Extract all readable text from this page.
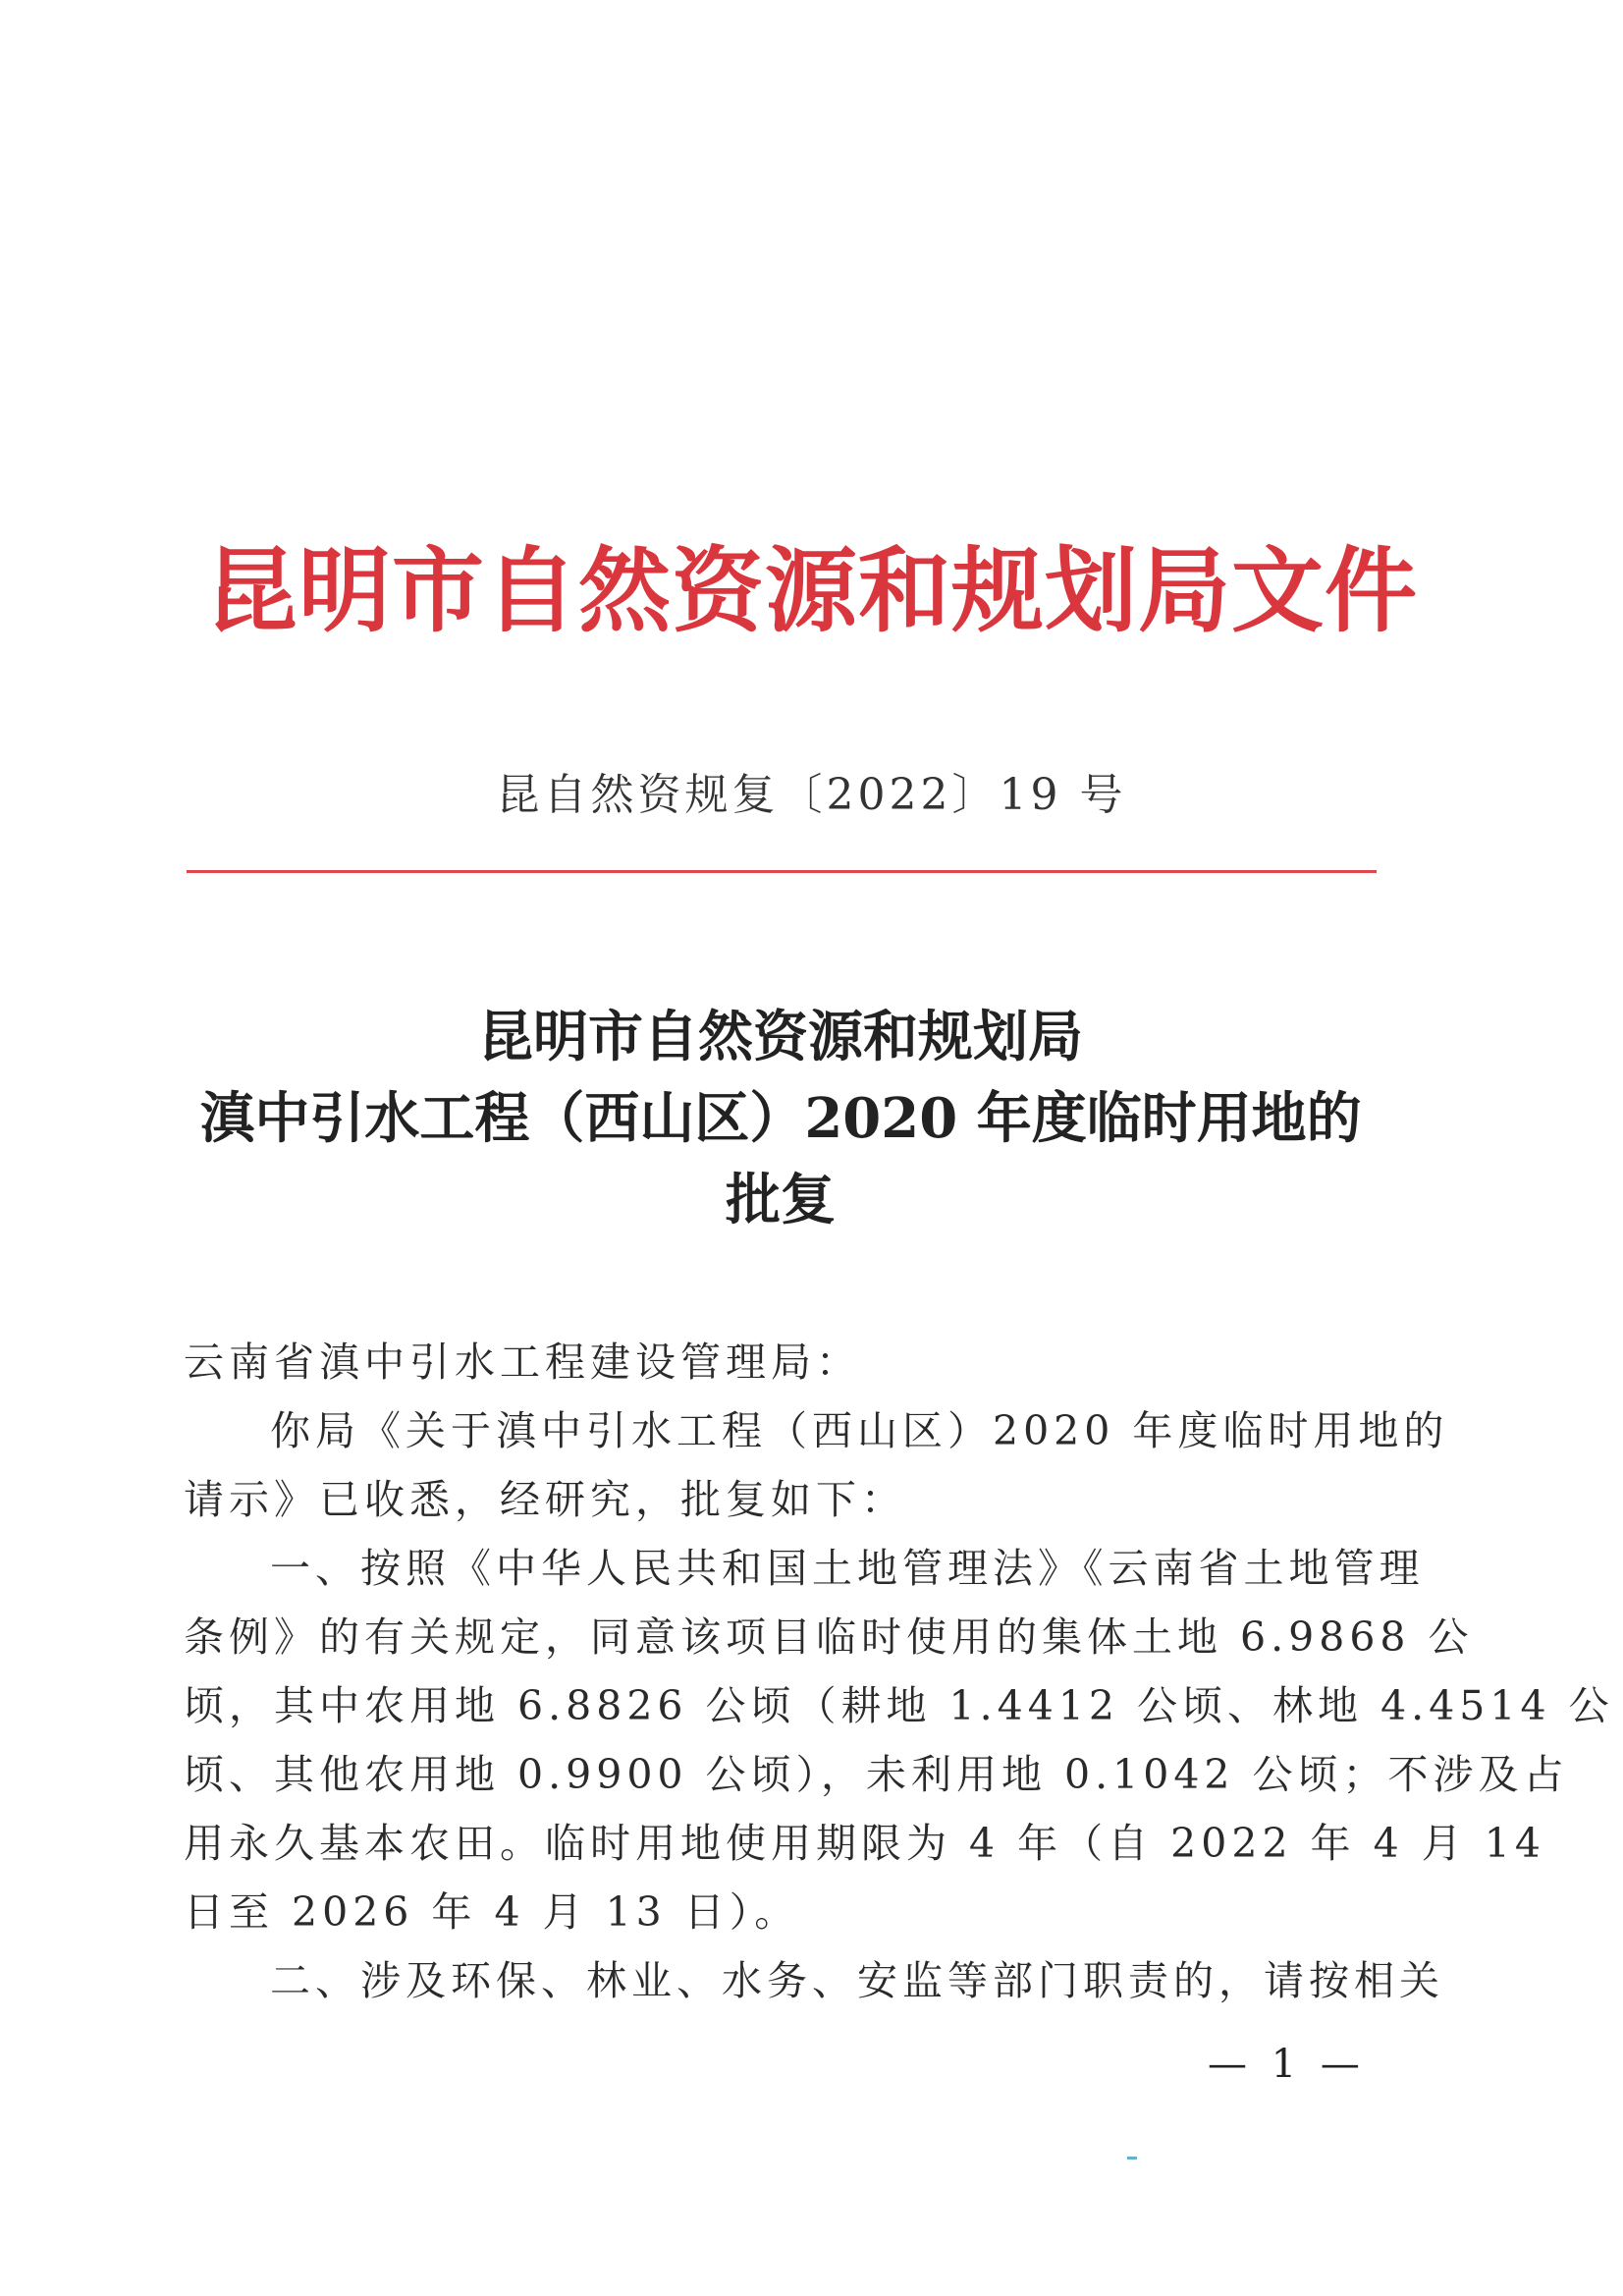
昆明市自然资源和规划局文件
昆自然资规复〔2022〕19 号
昆明市自然资源和规划局
滇中引水工程（西山区）2020 年度临时用地的
批复
云南省滇中引水工程建设管理局：
你局《关于滇中引水工程（西山区）2020 年度临时用地的
请示》已收悉，经研究，批复如下：
一、按照《中华人民共和国土地管理法》《云南省土地管理
条例》的有关规定，同意该项目临时使用的集体土地 6.9868 公
顷，其中农用地 6.8826 公顷（耕地 1.4412 公顷、林地 4.4514 公
顷、其他农用地 0.9900 公顷），未利用地 0.1042 公顷；不涉及占
用永久基本农田。临时用地使用期限为 4 年（自 2022 年 4 月 14
日至 2026 年 4 月 13 日）。
二、涉及环保、林业、水务、安监等部门职责的，请按相关
— 1 —
